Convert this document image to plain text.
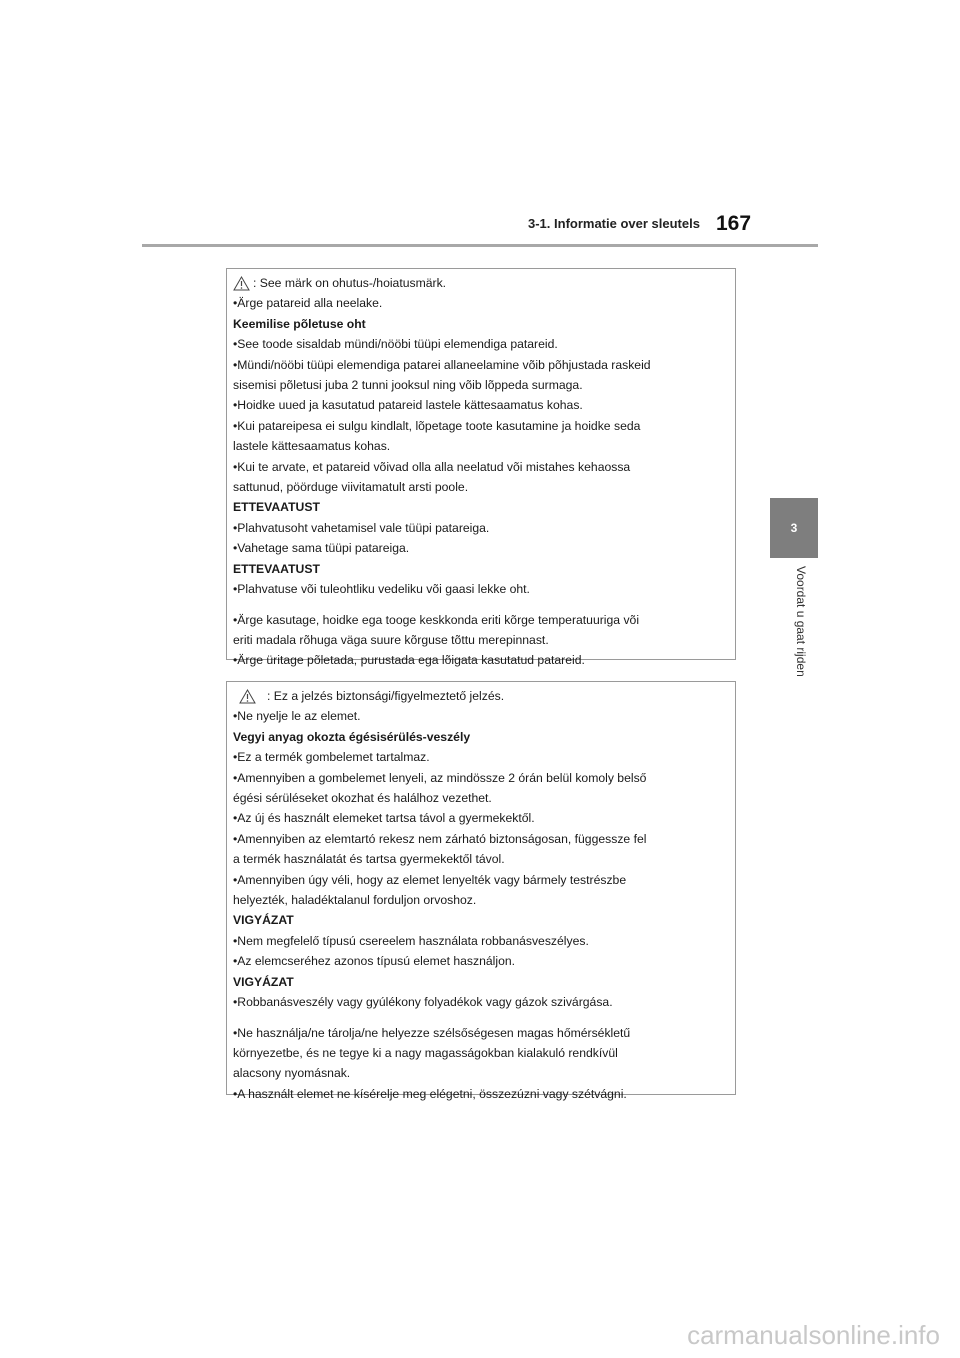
3-1. Informatie over sleutels 167
3
Voordat u gaat rijden
: See märk on ohutus-/hoiatusmärk.
•Ärge patareid alla neelake.
Keemilise põletuse oht
•See toode sisaldab mündi/nööbi tüüpi elemendiga patareid.
•Mündi/nööbi tüüpi elemendiga patarei allaneelamine võib põhjustada raskeid
sisemisi põletusi juba 2 tunni jooksul ning võib lõppeda surmaga.
•Hoidke uued ja kasutatud patareid lastele kättesaamatus kohas.
•Kui patareipesa ei sulgu kindlalt, lõpetage toote kasutamine ja hoidke seda
lastele kättesaamatus kohas.
•Kui te arvate, et patareid võivad olla alla neelatud või mistahes kehaossa
sattunud, pöörduge viivitamatult arsti poole.
ETTEVAATUST
•Plahvatusoht vahetamisel vale tüüpi patareiga.
•Vahetage sama tüüpi patareiga.
ETTEVAATUST
•Plahvatuse või tuleohtliku vedeliku või gaasi lekke oht.
•Ärge kasutage, hoidke ega tooge keskkonda eriti kõrge temperatuuriga või
eriti madala rõhuga väga suure kõrguse tõttu merepinnast.
•Ärge üritage põletada, purustada ega lõigata kasutatud patareid.
: Ez a jelzés biztonsági/figyelmeztető jelzés.
•Ne nyelje le az elemet.
Vegyi anyag okozta égésisérülés-veszély
•Ez a termék gombelemet tartalmaz.
•Amennyiben a gombelemet lenyeli, az mindössze 2 órán belül komoly belső
égési sérüléseket okozhat és halálhoz vezethet.
•Az új és használt elemeket tartsa távol a gyermekektől.
•Amennyiben az elemtartó rekesz nem zárható biztonságosan, függessze fel
a termék használatát és tartsa gyermekektől távol.
•Amennyiben úgy véli, hogy az elemet lenyelték vagy bármely testrészbe
helyezték, haladéktalanul forduljon orvoshoz.
VIGYÁZAT
•Nem megfelelő típusú csereelem használata robbanásveszélyes.
•Az elemcseréhez azonos típusú elemet használjon.
VIGYÁZAT
•Robbanásveszély vagy gyúlékony folyadékok vagy gázok szivárgása.
•Ne használja/ne tárolja/ne helyezze szélsőségesen magas hőmérsékletű
környezetbe, és ne tegye ki a nagy magasságokban kialakuló rendkívül
alacsony nyomásnak.
•A használt elemet ne kísérelje meg elégetni, összezúzni vagy szétvágni.
carmanualsonline.info
